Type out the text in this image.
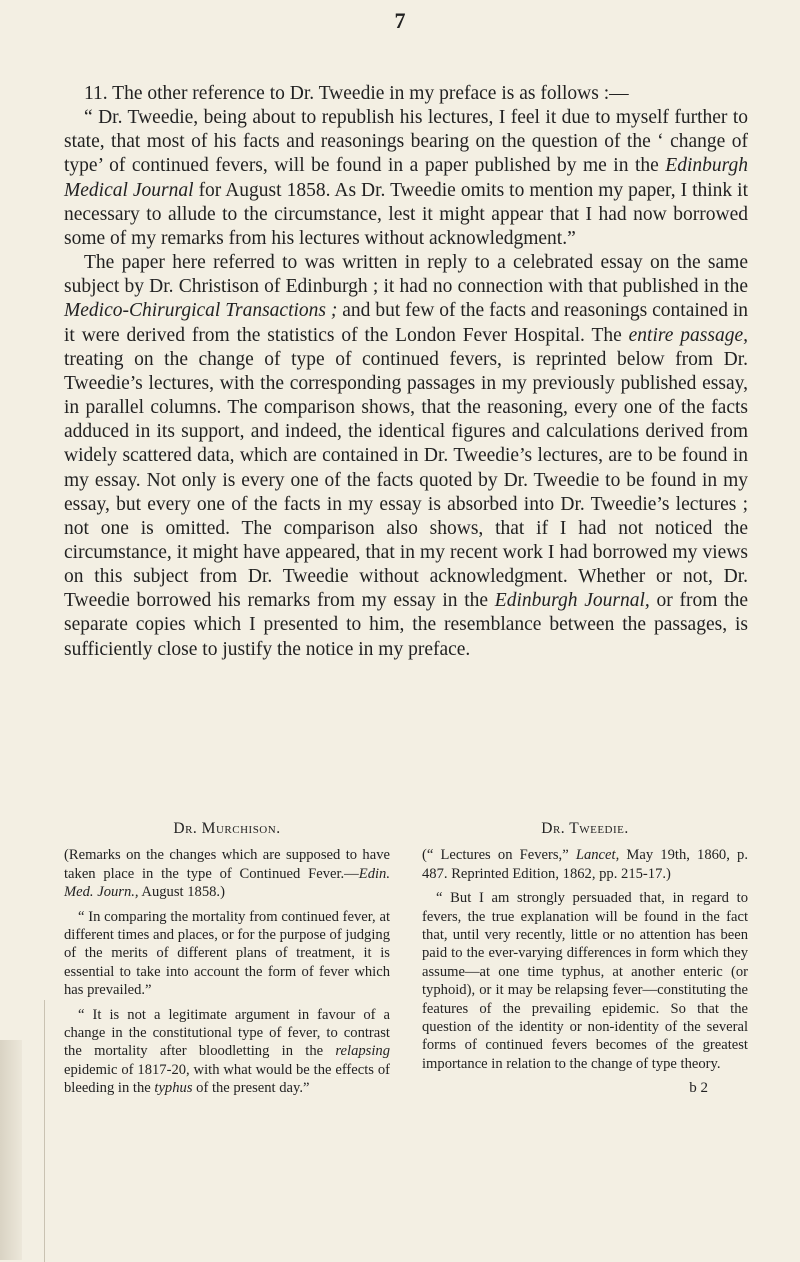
7

11. The other reference to Dr. Tweedie in my preface is as follows :—

“ Dr. Tweedie, being about to republish his lectures, I feel it due to myself further to state, that most of his facts and reasonings bearing on the question of the ‘ change of type’ of continued fevers, will be found in a paper published by me in the Edinburgh Medical Journal for August 1858. As Dr. Tweedie omits to mention my paper, I think it necessary to allude to the circumstance, lest it might appear that I had now borrowed some of my remarks from his lectures without acknowledgment.”

The paper here referred to was written in reply to a celebrated essay on the same subject by Dr. Christison of Edinburgh ; it had no connection with that published in the Medico-Chirurgical Transactions ; and but few of the facts and reasonings contained in it were derived from the statistics of the London Fever Hospital. The entire passage, treating on the change of type of continued fevers, is reprinted below from Dr. Tweedie’s lectures, with the corresponding passages in my previously published essay, in parallel columns. The comparison shows, that the reasoning, every one of the facts adduced in its support, and indeed, the identical figures and calculations derived from widely scattered data, which are contained in Dr. Tweedie’s lectures, are to be found in my essay. Not only is every one of the facts quoted by Dr. Tweedie to be found in my essay, but every one of the facts in my essay is absorbed into Dr. Tweedie’s lectures ; not one is omitted. The comparison also shows, that if I had not noticed the circumstance, it might have appeared, that in my recent work I had borrowed my views on this subject from Dr. Tweedie without acknowledgment. Whether or not, Dr. Tweedie borrowed his remarks from my essay in the Edinburgh Journal, or from the separate copies which I presented to him, the resemblance between the passages, is sufficiently close to justify the notice in my preface.

Dr. Murchison.

(Remarks on the changes which are supposed to have taken place in the type of Continued Fever.—Edin. Med. Journ., August 1858.)

“ In comparing the mortality from continued fever, at different times and places, or for the purpose of judging of the merits of different plans of treatment, it is essential to take into account the form of fever which has prevailed.”

“ It is not a legitimate argument in favour of a change in the constitutional type of fever, to contrast the mortality after bloodletting in the relapsing epidemic of 1817-20, with what would be the effects of bleeding in the typhus of the present day.”

Dr. Tweedie.

(“ Lectures on Fevers,” Lancet, May 19th, 1860, p. 487. Reprinted Edition, 1862, pp. 215-17.)

“ But I am strongly persuaded that, in regard to fevers, the true explanation will be found in the fact that, until very recently, little or no attention has been paid to the ever-varying differences in form which they assume—at one time typhus, at another enteric (or typhoid), or it may be relapsing fever—constituting the features of the prevailing epidemic. So that the question of the identity or non-identity of the several forms of continued fevers becomes of the greatest importance in relation to the change of type theory.

b 2
